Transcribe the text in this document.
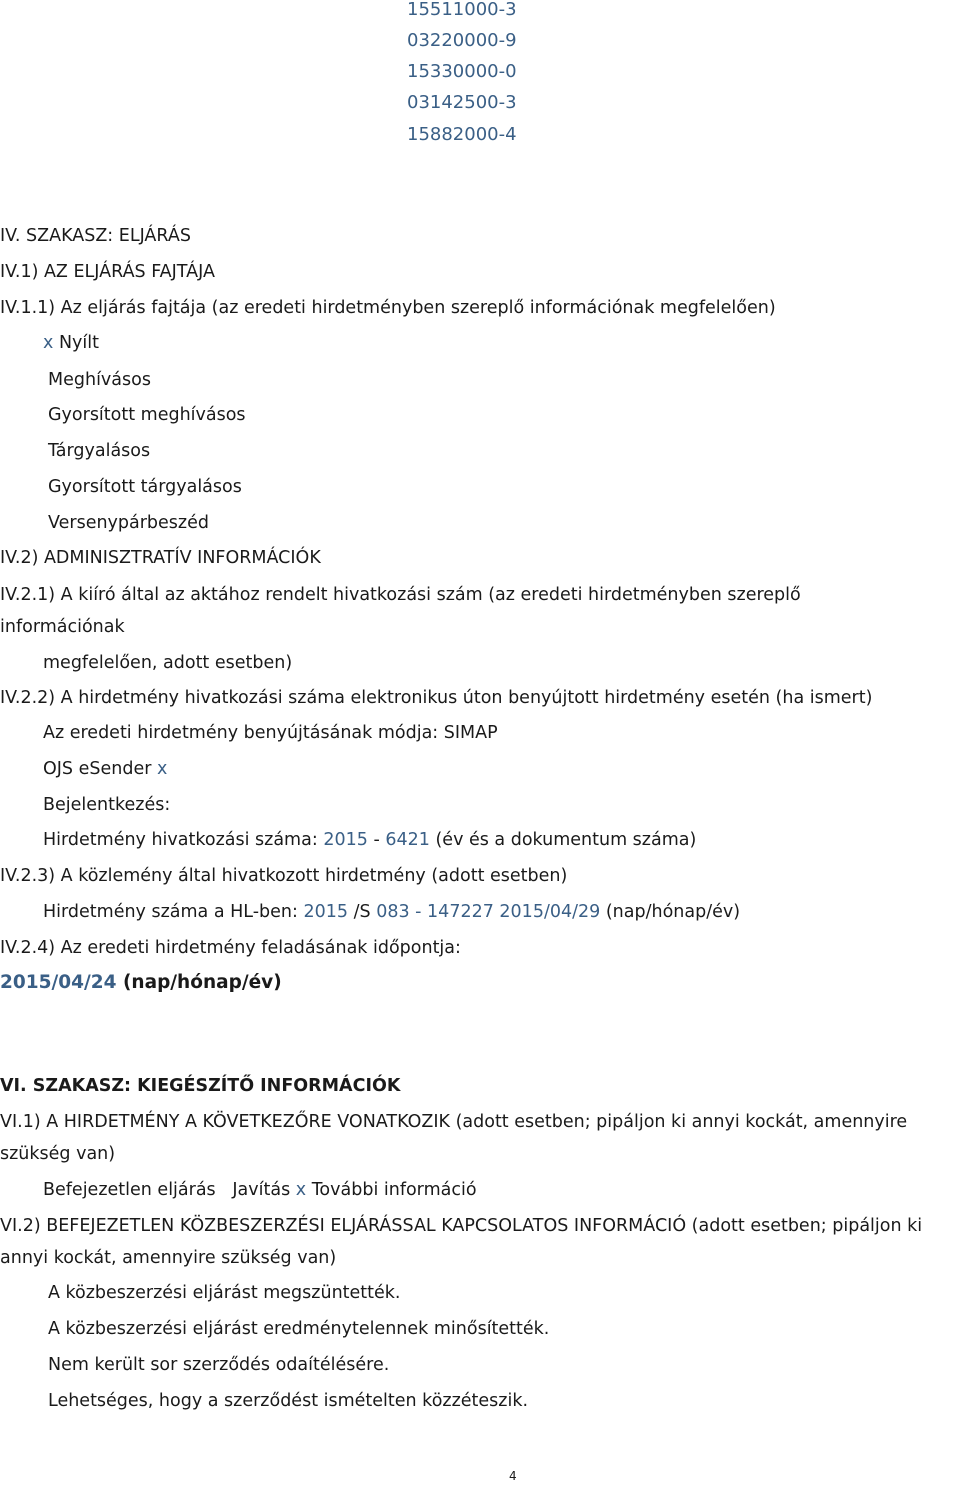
15511000-3
03220000-9
15330000-0
03142500-3
15882000-4
IV. SZAKASZ: ELJÁRÁS
IV.1) AZ ELJÁRÁS FAJTÁJA
IV.1.1) Az eljárás fajtája (az eredeti hirdetményben szereplő információnak megfelelően)
x Nyílt
Meghívásos
Gyorsított meghívásos
Tárgyalásos
Gyorsított tárgyalásos
Versenypárbeszéd
IV.2) ADMINISZTRATÍV INFORMÁCIÓK
IV.2.1) A kiíró által az aktához rendelt hivatkozási szám (az eredeti hirdetményben szereplő
információnak
megfelelően, adott esetben)
IV.2.2) A hirdetmény hivatkozási száma elektronikus úton benyújtott hirdetmény esetén (ha ismert)
Az eredeti hirdetmény benyújtásának módja: SIMAP
OJS eSender x
Bejelentkezés:
Hirdetmény hivatkozási száma: 2015 - 6421 (év és a dokumentum száma)
IV.2.3) A közlemény által hivatkozott hirdetmény (adott esetben)
Hirdetmény száma a HL-ben: 2015 /S 083 - 147227 2015/04/29 (nap/hónap/év)
IV.2.4) Az eredeti hirdetmény feladásának időpontja:
2015/04/24 (nap/hónap/év)
VI. SZAKASZ: KIEGÉSZÍTŐ INFORMÁCIÓK
VI.1) A HIRDETMÉNY A KÖVETKEZŐRE VONATKOZIK (adott esetben; pipáljon ki annyi kockát, amennyire
szükség van)
Befejezetlen eljárás Javítás x További információ
VI.2) BEFEJEZETLEN KÖZBESZERZÉSI ELJÁRÁSSAL KAPCSOLATOS INFORMÁCIÓ (adott esetben; pipáljon ki
annyi kockát, amennyire szükség van)
A közbeszerzési eljárást megszüntették.
A közbeszerzési eljárást eredménytelennek minősítették.
Nem került sor szerződés odaítélésére.
Lehetséges, hogy a szerződést ismételten közzéteszik.
4
